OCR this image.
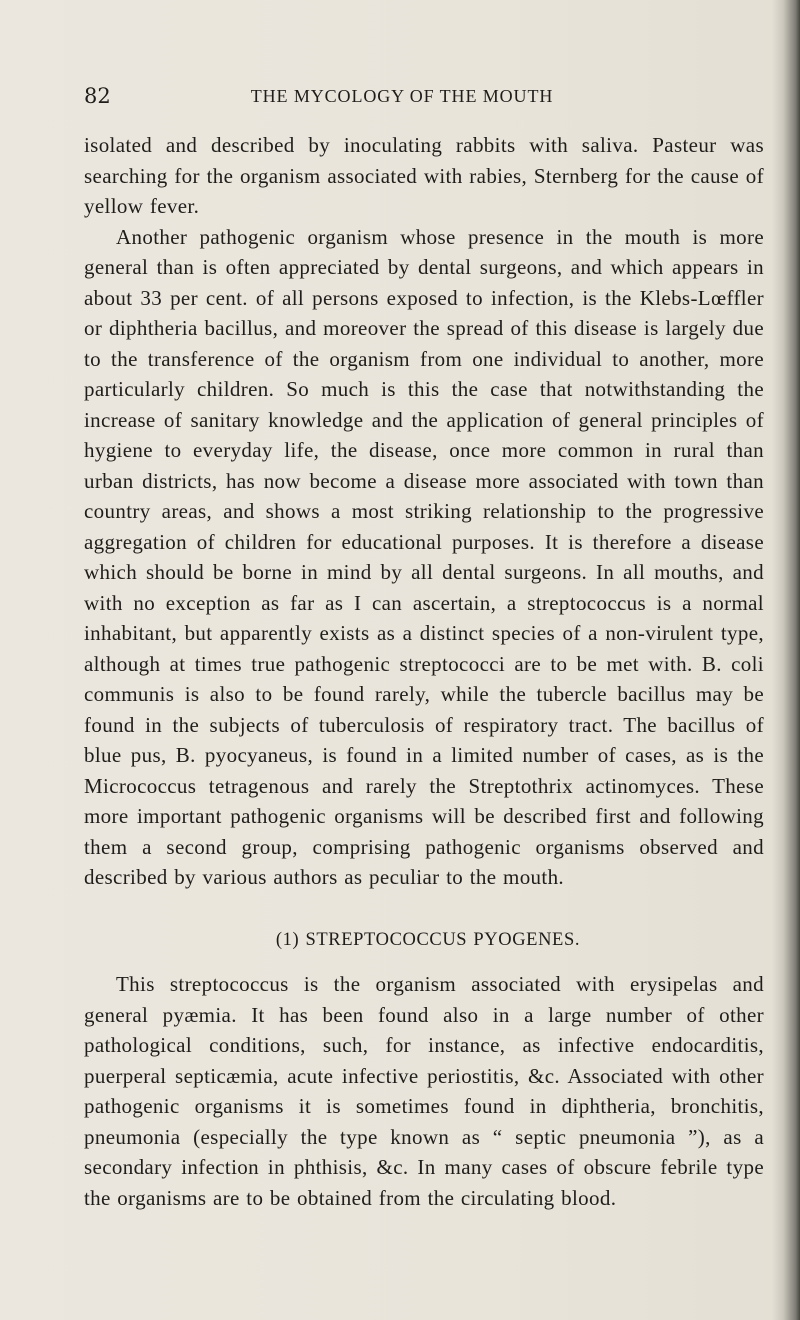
82	THE MYCOLOGY OF THE MOUTH

isolated and described by inoculating rabbits with saliva. Pasteur was searching for the organism associated with rabies, Sternberg for the cause of yellow fever.

Another pathogenic organism whose presence in the mouth is more general than is often appreciated by dental surgeons, and which appears in about 33 per cent. of all persons exposed to infection, is the Klebs-Lœffler or diphtheria bacillus, and moreover the spread of this disease is largely due to the transference of the organism from one individual to another, more particularly children. So much is this the case that notwithstanding the increase of sanitary knowledge and the application of general principles of hygiene to everyday life, the disease, once more common in rural than urban districts, has now become a disease more associated with town than country areas, and shows a most striking relationship to the progressive aggregation of children for educational purposes. It is therefore a disease which should be borne in mind by all dental surgeons. In all mouths, and with no exception as far as I can ascertain, a streptococcus is a normal inhabitant, but apparently exists as a distinct species of a non-virulent type, although at times true pathogenic streptococci are to be met with. B. coli communis is also to be found rarely, while the tubercle bacillus may be found in the subjects of tuberculosis of respiratory tract. The bacillus of blue pus, B. pyocyaneus, is found in a limited number of cases, as is the Micrococcus tetragenous and rarely the Streptothrix actinomyces. These more important pathogenic organisms will be described first and following them a second group, comprising pathogenic organisms observed and described by various authors as peculiar to the mouth.

(1) STREPTOCOCCUS PYOGENES.

This streptococcus is the organism associated with erysipelas and general pyæmia. It has been found also in a large number of other pathological conditions, such, for instance, as infective endocarditis, puerperal septicæmia, acute infective periostitis, &c. Associated with other pathogenic organisms it is sometimes found in diphtheria, bronchitis, pneumonia (especially the type known as “ septic pneumonia ”), as a secondary infection in phthisis, &c. In many cases of obscure febrile type the organisms are to be obtained from the circulating blood.
